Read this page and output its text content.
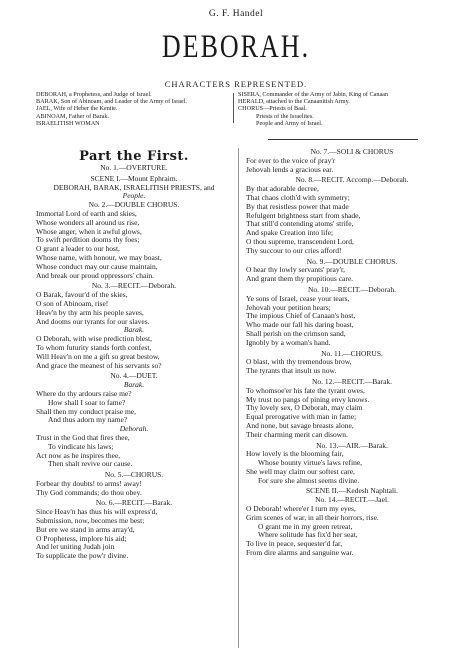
G. F. Handel
DEBORAH.
CHARACTERS REPRESENTED.
DEBORAH, a Prophetess, and Judge of Israel.
BARAK, Son of Abinoam, and Leader of the Army of Israel.
JAEL, Wife of Heber the Kenite.
ABINOAM, Father of Barak.
ISRAELITISH WOMAN
SISERA, Commander of the Army of Jabin, King of Canaan
HERALD, attached to the Canaanitish Army.
CHORUS—Priests of Baal.
Priests of the Israelites.
People and Army of Israel.
Part the First.
No. 1.—OVERTURE.
SCENE I.—Mount Ephraim.
DEBORAH, BARAK, ISRAELITISH PRIESTS, and
People.
No. 2.—DOUBLE CHORUS.
Immortal Lord of earth and skies,
Whose wonders all around us rise,
Whose anger, when it awful glows,
To swift perdition dooms thy foes;
O grant a leader to our host,
Whose name, with honour, we may boast,
Whose conduct may our cause maintain,
And break our proud oppressors' chain.
No. 3.—RECIT.—Deborah.
O Barak, favour'd of the skies,
O son of Abinoam, rise!
Heav'n by thy arm his people saves,
And dooms our tyrants for our slaves.
Barak.
O Deborah, with wise prediction blest,
To whom futurity stands forth confest,
Will Heav'n on me a gift so great bestow,
And grace the meanest of his servants so?
No. 4.—DUET.
Barak.
Where do thy ardours raise me?
How shall I soar to fame?
Shall then my conduct praise me,
And thus adorn my name?
Deborah.
Trust in the God that fires thee,
To vindicate his laws;
Act now as he inspires thee,
Then shalt revive our cause.
No. 5.—CHORUS.
Forbear thy doubts! to arms! away!
Thy God commands; do thou obey.
No. 6.—RECIT.—Barak.
Since Heav'n has thus his will express'd,
Submission, now, becomes me best;
But ere we stand in arms array'd,
O Prophetess, implore his aid;
And let uniting Judah join
To supplicate the pow'r divine.
No. 7.—SOLI & CHORUS
For ever to the voice of pray'r
Jehovah lends a gracious ear.
No. 8.—RECIT. Accomp.—Deborah.
By that adorable decree,
That chaos cloth'd with symmetry;
By that resistless power that made
Refulgent brightness start from shade,
That still'd contending atoms' strife,
And spake Creation into life;
O thou supreme, transcendent Lord,
Thy succour to our cries afford!
No. 9.—DOUBLE CHORUS.
O hear thy lowly servants' pray'r,
And grant them thy propitious care.
No. 10.—RECIT.—Deborah.
Ye sons of Israel, cease your tears,
Jehovah your petition hears;
The impious Chief of Canaan's host,
Who made our fall his daring boast,
Shall perish on the crimson sand,
Ignobly by a woman's hand.
No. 11.—CHORUS.
O blast, with thy tremendous brow,
The tyrants that insult us now.
No. 12.—RECIT.—Barak.
To whomsoe'er his fate the tyrant owes,
My trust no pangs of pining envy knows.
Thy lovely sex, O Deborah, may claim
Equal prerogative with man in fame;
And none, but savage breasts alone,
Their charming merit can disown.
No. 13.—AIR.—Barak.
How lovely is the blooming fair,
Whose bounty virtue's laws refine,
She well may claim our softest care,
For sure she almost seems divine.
SCENE II.—Kedesh Naphtali.
No. 14.—RECIT.—Jael.
O Deborah! where'er I turn my eyes,
Grim scenes of war, in all their horrors, rise.
O grant me in my green retreat,
Where solitude has fix'd her seat,
To live in peace, sequester'd far,
From dire alarms and sanguine war.
